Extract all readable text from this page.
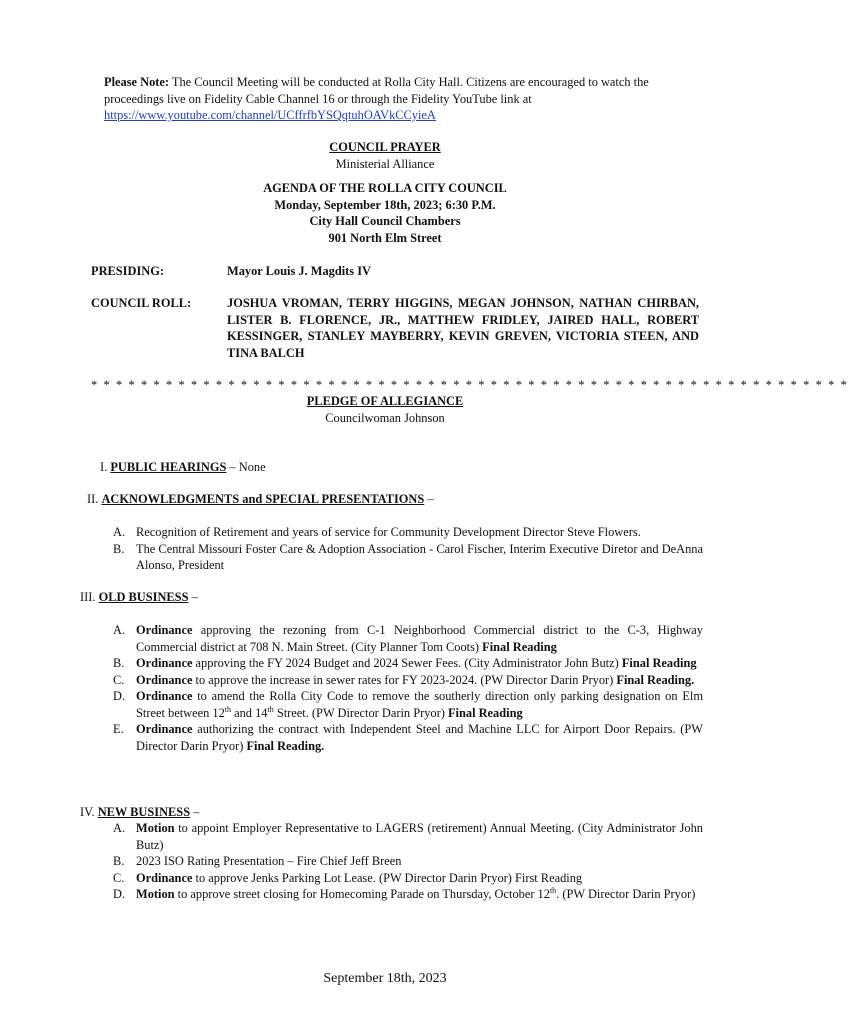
Please Note: The Council Meeting will be conducted at Rolla City Hall. Citizens are encouraged to watch the proceedings live on Fidelity Cable Channel 16 or through the Fidelity YouTube link at https://www.youtube.com/channel/UCffrfbYSQqtuhOAVkCCyieA
COUNCIL PRAYER
Ministerial Alliance
AGENDA OF THE ROLLA CITY COUNCIL
Monday, September 18th, 2023; 6:30 P.M.
City Hall Council Chambers
901 North Elm Street
PRESIDING:	Mayor Louis J. Magdits IV
COUNCIL ROLL:	JOSHUA VROMAN, TERRY HIGGINS, MEGAN JOHNSON, NATHAN CHIRBAN, LISTER B. FLORENCE, JR., MATTHEW FRIDLEY, JAIRED HALL, ROBERT KESSINGER, STANLEY MAYBERRY, KEVIN GREVEN, VICTORIA STEEN, AND TINA BALCH
* * * * * * * * * * * * * * * * * * * * * * * * * * * * * * * * * * * * * * * * * * * * * * * * * * * * * * * * * * * * *
PLEDGE OF ALLEGIANCE
Councilwoman Johnson
I. PUBLIC HEARINGS – None
II. ACKNOWLEDGMENTS and SPECIAL PRESENTATIONS –
A. Recognition of Retirement and years of service for Community Development Director Steve Flowers.
B. The Central Missouri Foster Care & Adoption Association - Carol Fischer, Interim Executive Diretor and DeAnna Alonso, President
III. OLD BUSINESS –
A. Ordinance approving the rezoning from C-1 Neighborhood Commercial district to the C-3, Highway Commercial district at 708 N. Main Street. (City Planner Tom Coots) Final Reading
B. Ordinance approving the FY 2024 Budget and 2024 Sewer Fees. (City Administrator John Butz) Final Reading
C. Ordinance to approve the increase in sewer rates for FY 2023-2024. (PW Director Darin Pryor) Final Reading.
D. Ordinance to amend the Rolla City Code to remove the southerly direction only parking designation on Elm Street between 12th and 14th Street. (PW Director Darin Pryor) Final Reading
E. Ordinance authorizing the contract with Independent Steel and Machine LLC for Airport Door Repairs. (PW Director Darin Pryor) Final Reading.
IV. NEW BUSINESS –
A. Motion to appoint Employer Representative to LAGERS (retirement) Annual Meeting. (City Administrator John Butz)
B. 2023 ISO Rating Presentation – Fire Chief Jeff Breen
C. Ordinance to approve Jenks Parking Lot Lease. (PW Director Darin Pryor) First Reading
D. Motion to approve street closing for Homecoming Parade on Thursday, October 12th. (PW Director Darin Pryor)
September 18th, 2023
